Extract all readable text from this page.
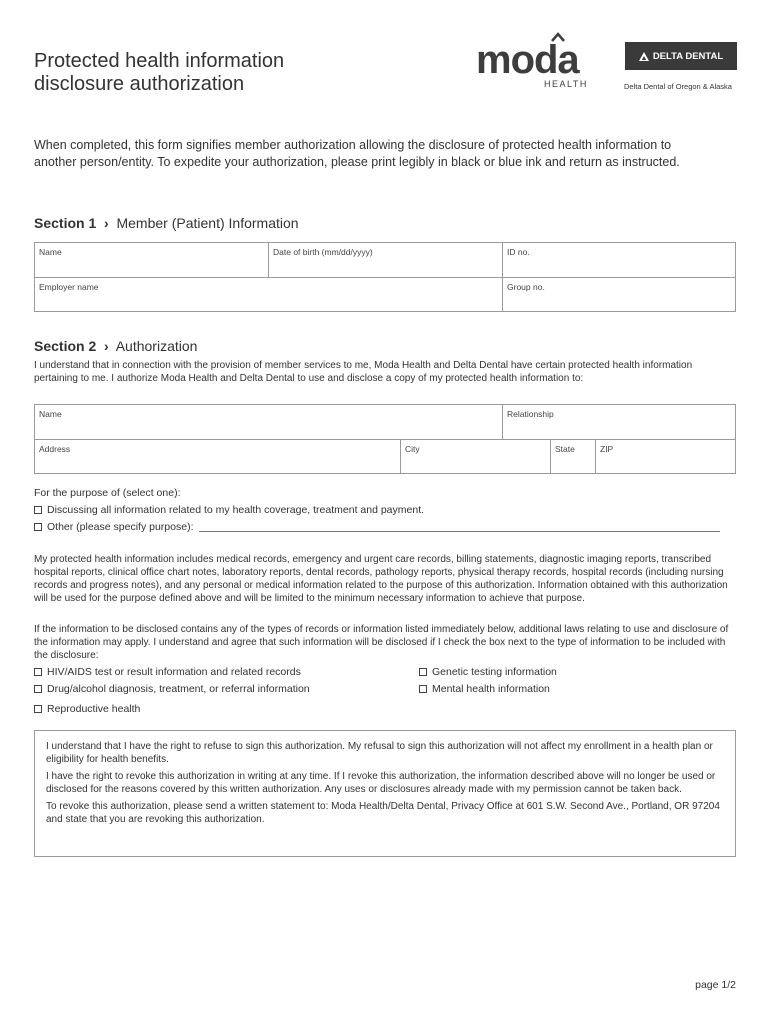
Protected health information
disclosure authorization
moda
HEALTH
DELTA DENTAL
Delta Dental of Oregon & Alaska
When completed, this form signifies member authorization allowing the disclosure of protected health information to another person/entity. To expedite your authorization, please print legibly in black or blue ink and return as instructed.
Section 1  ›  Member (Patient) Information
Name	Date of birth (mm/dd/yyyy)	ID no.
Employer name	Group no.
Section 2  ›  Authorization
I understand that in connection with the provision of member services to me, Moda Health and Delta Dental have certain protected health information pertaining to me. I authorize Moda Health and Delta Dental to use and disclose a copy of my protected health information to:
Name	Relationship
Address	City	State	ZIP
For the purpose of (select one):
Discussing all information related to my health coverage, treatment and payment.
Other (please specify purpose):
My protected health information includes medical records, emergency and urgent care records, billing statements, diagnostic imaging reports, transcribed hospital reports, clinical office chart notes, laboratory reports, dental records, pathology reports, physical therapy records, hospital records (including nursing records and progress notes), and any personal or medical information related to the purpose of this authorization. Information obtained with this authorization will be used for the purpose defined above and will be limited to the minimum necessary information to achieve that purpose.
If the information to be disclosed contains any of the types of records or information listed immediately below, additional laws relating to use and disclosure of the information may apply. I understand and agree that such information will be disclosed if I check the box next to the type of information to be included with the disclosure:
HIV/AIDS test or result information and related records	Genetic testing information
Drug/alcohol diagnosis, treatment, or referral information	Mental health information
Reproductive health

I understand that I have the right to refuse to sign this authorization. My refusal to sign this authorization will not affect my enrollment in a health plan or eligibility for health benefits.

I have the right to revoke this authorization in writing at any time. If I revoke this authorization, the information described above will no longer be used or disclosed for the reasons covered by this written authorization. Any uses or disclosures already made with my permission cannot be taken back.

To revoke this authorization, please send a written statement to: Moda Health/Delta Dental, Privacy Office at 601 S.W. Second Ave., Portland, OR 97204 and state that you are revoking this authorization.

page 1/2
